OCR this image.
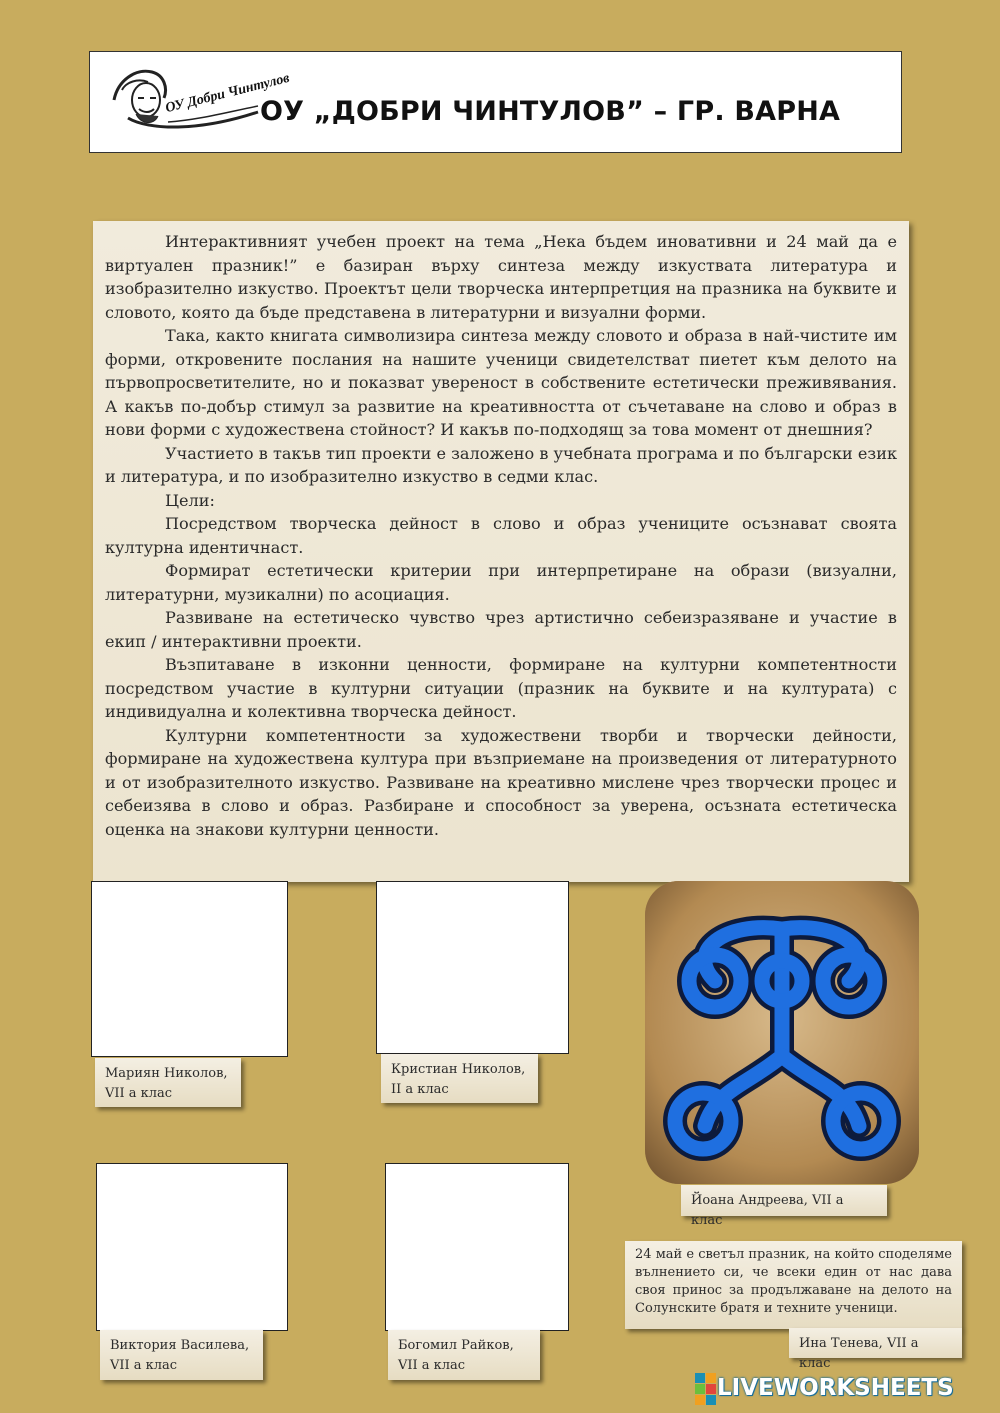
ОУ Добри Чинтулов
ОУ „ДОБРИ ЧИНТУЛОВ” – ГР. ВАРНА

Интерактивният учебен проект на тема „Нека бъдем иновативни и 24 май да е виртуален празник!” е базиран върху синтеза между изкуствата литература и изобразително изкуство. Проектът цели творческа интерпретция на празника на буквите и словото, която да бъде представена в литературни и визуални форми.

Така, както книгата символизира синтеза между словото и образа в най-чистите им форми, откровените послания на нашите ученици свидетелстват пиетет към делото на първопросветителите, но и показват увереност в собствените естетически преживявания. А какъв по-добър стимул за развитие на креативността от съчетаване на слово и образ в нови форми с художествена стойност? И какъв по-подходящ за това момент от днешния?

Участието в такъв тип проекти е заложено в учебната програма и по български език и литература, и по изобразително изкуство в седми клас.

Цели:

Посредством творческа дейност в слово и образ учениците осъзнават своята културна идентичнаст.

Формират естетически критерии при интерпретиране на образи (визуални, литературни, музикални) по асоциация.

Развиване на естетическо чувство чрез артистично себеизразяване и участие в екип / интерактивни проекти.

Възпитаване в изконни ценности, формиране на културни компетентности посредством участие в културни ситуации (празник на буквите и на културата) с индивидуална и колективна творческа дейност.

Културни компетентности за художествени творби и творчески дейности, формиране на художествена култура при възприемане на произведения от литературното и от изобразителното изкуство. Развиване на креативно мислене чрез творчески процес и себеизява в слово и образ. Разбиране и способност за уверена, осъзната естетическа оценка на знакови културни ценности.

Мариян Николов, VII а клас
Кристиан Николов, II а клас
Йоана Андреева, VII а клас
Виктория Василева, VII а клас
Богомил Райков, VII а клас
24 май е светъл празник, на който споделяме вълнението си, че всеки един от нас дава своя принос за продължаване на делото на Солунските братя и техните ученици.
Ина Тенева, VII а клас
LIVEWORKSHEETS
